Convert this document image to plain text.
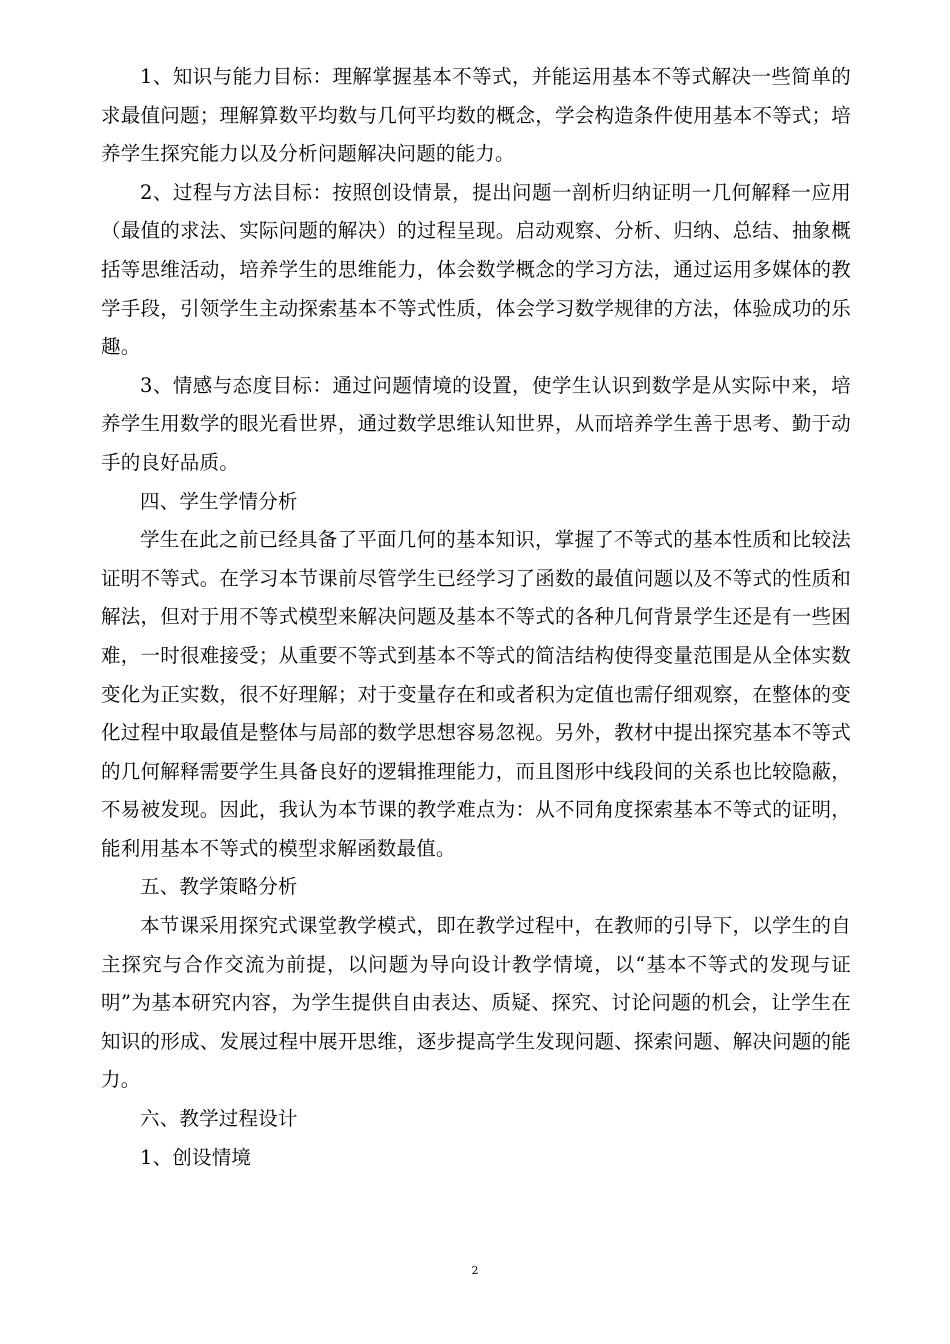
1、知识与能力目标：理解掌握基本不等式，并能运用基本不等式解决一些简单的求最值问题；理解算数平均数与几何平均数的概念，学会构造条件使用基本不等式；培养学生探究能力以及分析问题解决问题的能力。

2、过程与方法目标：按照创设情景，提出问题一剖析归纳证明一几何解释一应用（最值的求法、实际问题的解决）的过程呈现。启动观察、分析、归纳、总结、抽象概括等思维活动，培养学生的思维能力，体会数学概念的学习方法，通过运用多媒体的教学手段，引领学生主动探索基本不等式性质，体会学习数学规律的方法，体验成功的乐趣。

3、情感与态度目标：通过问题情境的设置，使学生认识到数学是从实际中来，培养学生用数学的眼光看世界，通过数学思维认知世界，从而培养学生善于思考、勤于动手的良好品质。

四、学生学情分析

学生在此之前已经具备了平面几何的基本知识，掌握了不等式的基本性质和比较法证明不等式。在学习本节课前尽管学生已经学习了函数的最值问题以及不等式的性质和解法，但对于用不等式模型来解决问题及基本不等式的各种几何背景学生还是有一些困难，一时很难接受；从重要不等式到基本不等式的简洁结构使得变量范围是从全体实数变化为正实数，很不好理解；对于变量存在和或者积为定值也需仔细观察，在整体的变化过程中取最值是整体与局部的数学思想容易忽视。另外，教材中提出探究基本不等式的几何解释需要学生具备良好的逻辑推理能力，而且图形中线段间的关系也比较隐蔽，不易被发现。因此，我认为本节课的教学难点为：从不同角度探索基本不等式的证明，能利用基本不等式的模型求解函数最值。

五、教学策略分析

本节课采用探究式课堂教学模式，即在教学过程中，在教师的引导下，以学生的自主探究与合作交流为前提，以问题为导向设计教学情境，以“基本不等式的发现与证明”为基本研究内容，为学生提供自由表达、质疑、探究、讨论问题的机会，让学生在知识的形成、发展过程中展开思维，逐步提高学生发现问题、探索问题、解决问题的能力。

六、教学过程设计

1、创设情境

2
